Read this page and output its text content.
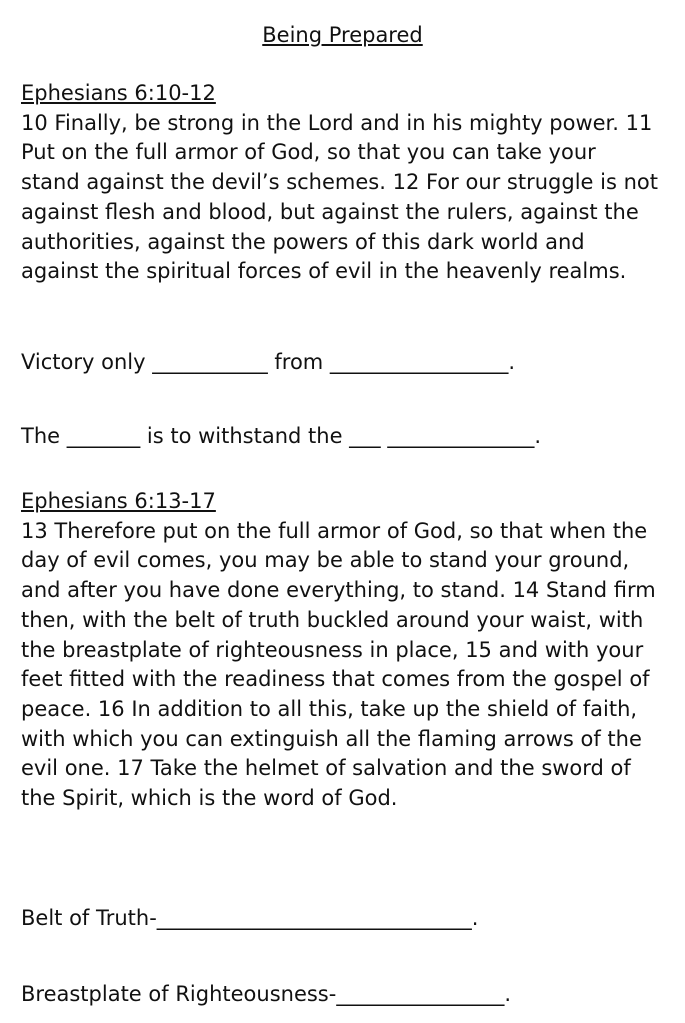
Being Prepared
Ephesians 6:10-12
10 Finally, be strong in the Lord and in his mighty power. 11 Put on the full armor of God, so that you can take your stand against the devil’s schemes. 12 For our struggle is not against flesh and blood, but against the rulers, against the authorities, against the powers of this dark world and against the spiritual forces of evil in the heavenly realms.
Victory only ___________ from _________________.
The _______ is to withstand the ___ ______________.
Ephesians 6:13-17
13 Therefore put on the full armor of God, so that when the day of evil comes, you may be able to stand your ground, and after you have done everything, to stand. 14 Stand firm then, with the belt of truth buckled around your waist, with the breastplate of righteousness in place, 15 and with your feet fitted with the readiness that comes from the gospel of peace. 16 In addition to all this, take up the shield of faith, with which you can extinguish all the flaming arrows of the evil one. 17 Take the helmet of salvation and the sword of the Spirit, which is the word of God.
Belt of Truth-______________________________.
Breastplate of Righteousness-________________.
